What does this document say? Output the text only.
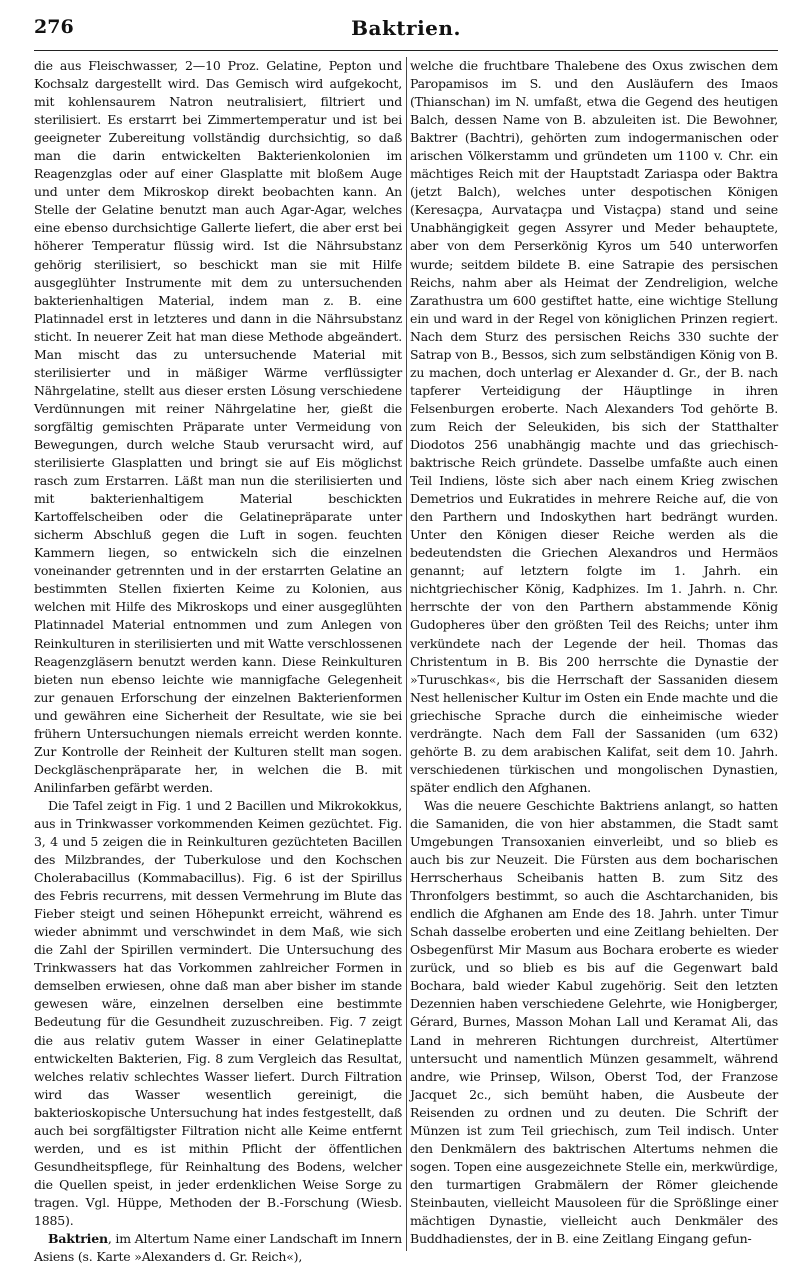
276	Baktrien.

die aus Fleischwasser, 2—10 Proz. Gelatine, Pepton und Kochsalz dargestellt wird. Das Gemisch wird aufgekocht, mit kohlensaurem Natron neutralisiert, filtriert und sterilisiert. Es erstarrt bei Zimmertemperatur und ist bei geeigneter Zubereitung vollständig durchsichtig, so daß man die darin entwickelten Bakterienkolonien im Reagenzglas oder auf einer Glasplatte mit bloßem Auge und unter dem Mikroskop direkt beobachten kann. An Stelle der Gelatine benutzt man auch Agar-Agar, welches eine ebenso durchsichtige Gallerte liefert, die aber erst bei höherer Temperatur flüssig wird. Ist die Nährsubstanz gehörig sterilisiert, so beschickt man sie mit Hilfe ausgeglühter Instrumente mit dem zu untersuchenden bakterienhaltigen Material, indem man z. B. eine Platinnadel erst in letzteres und dann in die Nährsubstanz sticht. In neuerer Zeit hat man diese Methode abgeändert. Man mischt das zu untersuchende Material mit sterilisierter und in mäßiger Wärme verflüssigter Nährgelatine, stellt aus dieser ersten Lösung verschiedene Verdünnungen mit reiner Nährgelatine her, gießt die sorgfältig gemischten Präparate unter Vermeidung von Bewegungen, durch welche Staub verursacht wird, auf sterilisierte Glasplatten und bringt sie auf Eis möglichst rasch zum Erstarren. Läßt man nun die sterilisierten und mit bakterienhaltigem Material beschickten Kartoffelscheiben oder die Gelatinepräparate unter sicherm Abschluß gegen die Luft in sogen. feuchten Kammern liegen, so entwickeln sich die einzelnen voneinander getrennten und in der erstarrten Gelatine an bestimmten Stellen fixierten Keime zu Kolonien, aus welchen mit Hilfe des Mikroskops und einer ausgeglühten Platinnadel Material entnommen und zum Anlegen von Reinkulturen in sterilisierten und mit Watte verschlossenen Reagenzgläsern benutzt werden kann. Diese Reinkulturen bieten nun ebenso leichte wie mannigfache Gelegenheit zur genauen Erforschung der einzelnen Bakterienformen und gewähren eine Sicherheit der Resultate, wie sie bei frühern Untersuchungen niemals erreicht werden konnte. Zur Kontrolle der Reinheit der Kulturen stellt man sogen. Deckgläschenpräparate her, in welchen die B. mit Anilinfarben gefärbt werden.

Die Tafel zeigt in Fig. 1 und 2 Bacillen und Mikrokokkus, aus in Trinkwasser vorkommenden Keimen gezüchtet. Fig. 3, 4 und 5 zeigen die in Reinkulturen gezüchteten Bacillen des Milzbrandes, der Tuberkulose und den Kochschen Cholerabacillus (Kommabacillus). Fig. 6 ist der Spirillus des Febris recurrens, mit dessen Vermehrung im Blute das Fieber steigt und seinen Höhepunkt erreicht, während es wieder abnimmt und verschwindet in dem Maß, wie sich die Zahl der Spirillen vermindert. Die Untersuchung des Trinkwassers hat das Vorkommen zahlreicher Formen in demselben erwiesen, ohne daß man aber bisher im stande gewesen wäre, einzelnen derselben eine bestimmte Bedeutung für die Gesundheit zuzuschreiben. Fig. 7 zeigt die aus relativ gutem Wasser in einer Gelatineplatte entwickelten Bakterien, Fig. 8 zum Vergleich das Resultat, welches relativ schlechtes Wasser liefert. Durch Filtration wird das Wasser wesentlich gereinigt, die bakterioskopische Untersuchung hat indes festgestellt, daß auch bei sorgfältigster Filtration nicht alle Keime entfernt werden, und es ist mithin Pflicht der öffentlichen Gesundheitspflege, für Reinhaltung des Bodens, welcher die Quellen speist, in jeder erdenklichen Weise Sorge zu tragen. Vgl. Hüppe, Methoden der B.-Forschung (Wiesb. 1885).

Baktrien, im Altertum Name einer Landschaft im Innern Asiens (s. Karte »Alexanders d. Gr. Reich«),

welche die fruchtbare Thalebene des Oxus zwischen dem Paropamisos im S. und den Ausläufern des Imaos (Thianschan) im N. umfaßt, etwa die Gegend des heutigen Balch, dessen Name von B. abzuleiten ist. Die Bewohner, Baktrer (Bachtri), gehörten zum indogermanischen oder arischen Völkerstamm und gründeten um 1100 v. Chr. ein mächtiges Reich mit der Hauptstadt Zariaspa oder Baktra (jetzt Balch), welches unter despotischen Königen (Keresaçpa, Aurvataçpa und Vistaçpa) stand und seine Unabhängigkeit gegen Assyrer und Meder behauptete, aber von dem Perserkönig Kyros um 540 unterworfen wurde; seitdem bildete B. eine Satrapie des persischen Reichs, nahm aber als Heimat der Zendreligion, welche Zarathustra um 600 gestiftet hatte, eine wichtige Stellung ein und ward in der Regel von königlichen Prinzen regiert. Nach dem Sturz des persischen Reichs 330 suchte der Satrap von B., Bessos, sich zum selbständigen König von B. zu machen, doch unterlag er Alexander d. Gr., der B. nach tapferer Verteidigung der Häuptlinge in ihren Felsenburgen eroberte. Nach Alexanders Tod gehörte B. zum Reich der Seleukiden, bis sich der Statthalter Diodotos 256 unabhängig machte und das griechisch-baktrische Reich gründete. Dasselbe umfaßte auch einen Teil Indiens, löste sich aber nach einem Krieg zwischen Demetrios und Eukratides in mehrere Reiche auf, die von den Parthern und Indoskythen hart bedrängt wurden. Unter den Königen dieser Reiche werden als die bedeutendsten die Griechen Alexandros und Hermäos genannt; auf letztern folgte im 1. Jahrh. ein nichtgriechischer König, Kadphizes. Im 1. Jahrh. n. Chr. herrschte der von den Parthern abstammende König Gudopheres über den größten Teil des Reichs; unter ihm verkündete nach der Legende der heil. Thomas das Christentum in B. Bis 200 herrschte die Dynastie der »Turuschkas«, bis die Herrschaft der Sassaniden diesem Nest hellenischer Kultur im Osten ein Ende machte und die griechische Sprache durch die einheimische wieder verdrängte. Nach dem Fall der Sassaniden (um 632) gehörte B. zu dem arabischen Kalifat, seit dem 10. Jahrh. verschiedenen türkischen und mongolischen Dynastien, später endlich den Afghanen.

Was die neuere Geschichte Baktriens anlangt, so hatten die Samaniden, die von hier abstammen, die Stadt samt Umgebungen Transoxanien einverleibt, und so blieb es auch bis zur Neuzeit. Die Fürsten aus dem bocharischen Herrscherhaus Scheibanis hatten B. zum Sitz des Thronfolgers bestimmt, so auch die Aschtarchaniden, bis endlich die Afghanen am Ende des 18. Jahrh. unter Timur Schah dasselbe eroberten und eine Zeitlang behielten. Der Osbegenfürst Mir Masum aus Bochara eroberte es wieder zurück, und so blieb es bis auf die Gegenwart bald Bochara, bald wieder Kabul zugehörig. Seit den letzten Dezennien haben verschiedene Gelehrte, wie Honigberger, Gérard, Burnes, Masson Mohan Lall und Keramat Ali, das Land in mehreren Richtungen durchreist, Altertümer untersucht und namentlich Münzen gesammelt, während andre, wie Prinsep, Wilson, Oberst Tod, der Franzose Jacquet 2c., sich bemüht haben, die Ausbeute der Reisenden zu ordnen und zu deuten. Die Schrift der Münzen ist zum Teil griechisch, zum Teil indisch. Unter den Denkmälern des baktrischen Altertums nehmen die sogen. Topen eine ausgezeichnete Stelle ein, merkwürdige, den turmartigen Grabmälern der Römer gleichende Steinbauten, vielleicht Mausoleen für die Sprößlinge einer mächtigen Dynastie, vielleicht auch Denkmäler des Buddhadienstes, der in B. eine Zeitlang Eingang gefun-
